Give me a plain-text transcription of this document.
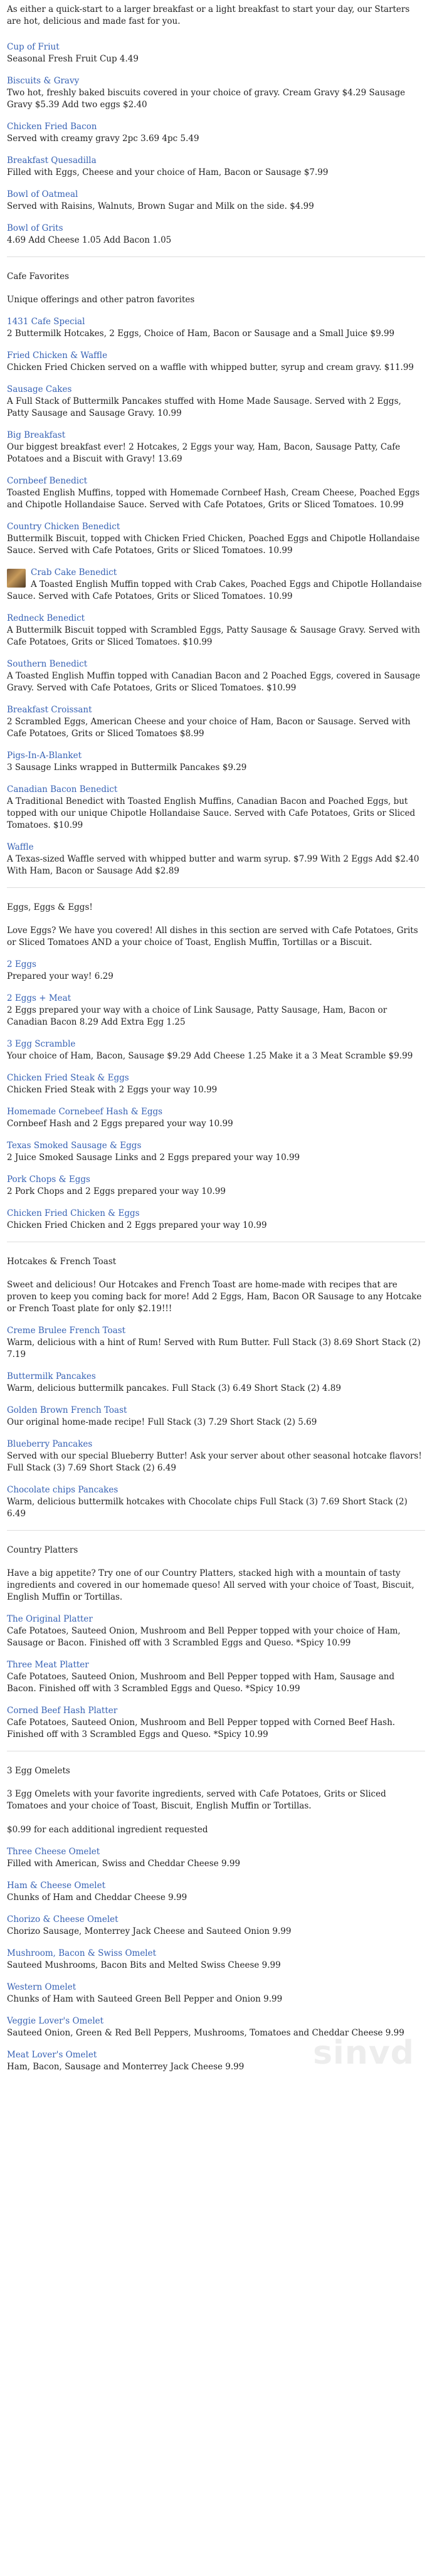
As either a quick-start to a larger breakfast or a light breakfast to start your day, our Starters are hot, delicious and made fast for you.

Cup of Friut
Seasonal Fresh Fruit Cup 4.49
Biscuits & Gravy
Two hot, freshly baked biscuits covered in your choice of gravy. Cream Gravy $4.29 Sausage Gravy $5.39 Add two eggs $2.40
Chicken Fried Bacon
Served with creamy gravy 2pc 3.69 4pc 5.49
Breakfast Quesadilla
Filled with Eggs, Cheese and your choice of Ham, Bacon or Sausage $7.99
Bowl of Oatmeal
Served with Raisins, Walnuts, Brown Sugar and Milk on the side. $4.99
Bowl of Grits
4.69 Add Cheese 1.05 Add Bacon 1.05
Cafe Favorites
Unique offerings and other patron favorites
1431 Cafe Special
2 Buttermilk Hotcakes, 2 Eggs, Choice of Ham, Bacon or Sausage and a Small Juice $9.99
Fried Chicken & Waffle
Chicken Fried Chicken served on a waffle with whipped butter, syrup and cream gravy. $11.99
Sausage Cakes
A Full Stack of Buttermilk Pancakes stuffed with Home Made Sausage. Served with 2 Eggs, Patty Sausage and Sausage Gravy. 10.99
Big Breakfast
Our biggest breakfast ever! 2 Hotcakes, 2 Eggs your way, Ham, Bacon, Sausage Patty, Cafe Potatoes and a Biscuit with Gravy! 13.69
Cornbeef Benedict
Toasted English Muffins, topped with Homemade Cornbeef Hash, Cream Cheese, Poached Eggs and Chipotle Hollandaise Sauce. Served with Cafe Potatoes, Grits or Sliced Tomatoes. 10.99
Country Chicken Benedict
Buttermilk Biscuit, topped with Chicken Fried Chicken, Poached Eggs and Chipotle Hollandaise Sauce. Served with Cafe Potatoes, Grits or Sliced Tomatoes. 10.99
Crab Cake Benedict
A Toasted English Muffin topped with Crab Cakes, Poached Eggs and Chipotle Hollandaise Sauce. Served with Cafe Potatoes, Grits or Sliced Tomatoes. 10.99
Redneck Benedict
A Buttermilk Biscuit topped with Scrambled Eggs, Patty Sausage & Sausage Gravy. Served with Cafe Potatoes, Grits or Sliced Tomatoes. $10.99
Southern Benedict
A Toasted English Muffin topped with Canadian Bacon and 2 Poached Eggs, covered in Sausage Gravy. Served with Cafe Potatoes, Grits or Sliced Tomatoes. $10.99
Breakfast Croissant
2 Scrambled Eggs, American Cheese and your choice of Ham, Bacon or Sausage. Served with Cafe Potatoes, Grits or Sliced Tomatoes $8.99
Pigs-In-A-Blanket
3 Sausage Links wrapped in Buttermilk Pancakes $9.29
Canadian Bacon Benedict
A Traditional Benedict with Toasted English Muffins, Canadian Bacon and Poached Eggs, but topped with our unique Chipotle Hollandaise Sauce. Served with Cafe Potatoes, Grits or Sliced Tomatoes. $10.99
Waffle
A Texas-sized Waffle served with whipped butter and warm syrup. $7.99 With 2 Eggs Add $2.40 With Ham, Bacon or Sausage Add $2.89
Eggs, Eggs & Eggs!
Love Eggs? We have you covered! All dishes in this section are served with Cafe Potatoes, Grits or Sliced Tomatoes AND a your choice of Toast, English Muffin, Tortillas or a Biscuit.
2 Eggs
Prepared your way! 6.29
2 Eggs + Meat
2 Eggs prepared your way with a choice of Link Sausage, Patty Sausage, Ham, Bacon or Canadian Bacon 8.29 Add Extra Egg 1.25
3 Egg Scramble
Your choice of Ham, Bacon, Sausage $9.29 Add Cheese 1.25 Make it a 3 Meat Scramble $9.99
Chicken Fried Steak & Eggs
Chicken Fried Steak with 2 Eggs your way 10.99
Homemade Cornebeef Hash & Eggs
Cornbeef Hash and 2 Eggs prepared your way 10.99
Texas Smoked Sausage & Eggs
2 Juice Smoked Sausage Links and 2 Eggs prepared your way 10.99
Pork Chops & Eggs
2 Pork Chops and 2 Eggs prepared your way 10.99
Chicken Fried Chicken & Eggs
Chicken Fried Chicken and 2 Eggs prepared your way 10.99
Hotcakes & French Toast
Sweet and delicious! Our Hotcakes and French Toast are home-made with recipes that are proven to keep you coming back for more! Add 2 Eggs, Ham, Bacon OR Sausage to any Hotcake or French Toast plate for only $2.19!!!
Creme Brulee French Toast
Warm, delicious with a hint of Rum! Served with Rum Butter. Full Stack (3) 8.69 Short Stack (2) 7.19
Buttermilk Pancakes
Warm, delicious buttermilk pancakes. Full Stack (3) 6.49 Short Stack (2) 4.89
Golden Brown French Toast
Our original home-made recipe! Full Stack (3) 7.29 Short Stack (2) 5.69
Blueberry Pancakes
Served with our special Blueberry Butter! Ask your server about other seasonal hotcake flavors! Full Stack (3) 7.69 Short Stack (2) 6.49
Chocolate chips Pancakes
Warm, delicious buttermilk hotcakes with Chocolate chips Full Stack (3) 7.69 Short Stack (2) 6.49
Country Platters
Have a big appetite? Try one of our Country Platters, stacked high with a mountain of tasty ingredients and covered in our homemade queso! All served with your choice of Toast, Biscuit, English Muffin or Tortillas.
The Original Platter
Cafe Potatoes, Sauteed Onion, Mushroom and Bell Pepper topped with your choice of Ham, Sausage or Bacon. Finished off with 3 Scrambled Eggs and Queso. *Spicy 10.99
Three Meat Platter
Cafe Potatoes, Sauteed Onion, Mushroom and Bell Pepper topped with Ham, Sausage and Bacon. Finished off with 3 Scrambled Eggs and Queso. *Spicy 10.99
Corned Beef Hash Platter
Cafe Potatoes, Sauteed Onion, Mushroom and Bell Pepper topped with Corned Beef Hash. Finished off with 3 Scrambled Eggs and Queso. *Spicy 10.99
3 Egg Omelets
3 Egg Omelets with your favorite ingredients, served with Cafe Potatoes, Grits or Sliced Tomatoes and your choice of Toast, Biscuit, English Muffin or Tortillas.

$0.99 for each additional ingredient requested
Three Cheese Omelet
Filled with American, Swiss and Cheddar Cheese 9.99
Ham & Cheese Omelet
Chunks of Ham and Cheddar Cheese 9.99
Chorizo & Cheese Omelet
Chorizo Sausage, Monterrey Jack Cheese and Sauteed Onion 9.99
Mushroom, Bacon & Swiss Omelet
Sauteed Mushrooms, Bacon Bits and Melted Swiss Cheese 9.99
Western Omelet
Chunks of Ham with Sauteed Green Bell Pepper and Onion 9.99
Veggie Lover's Omelet
Sauteed Onion, Green & Red Bell Peppers, Mushrooms, Tomatoes and Cheddar Cheese 9.99
Meat Lover's Omelet
Ham, Bacon, Sausage and Monterrey Jack Cheese 9.99	sinvd
